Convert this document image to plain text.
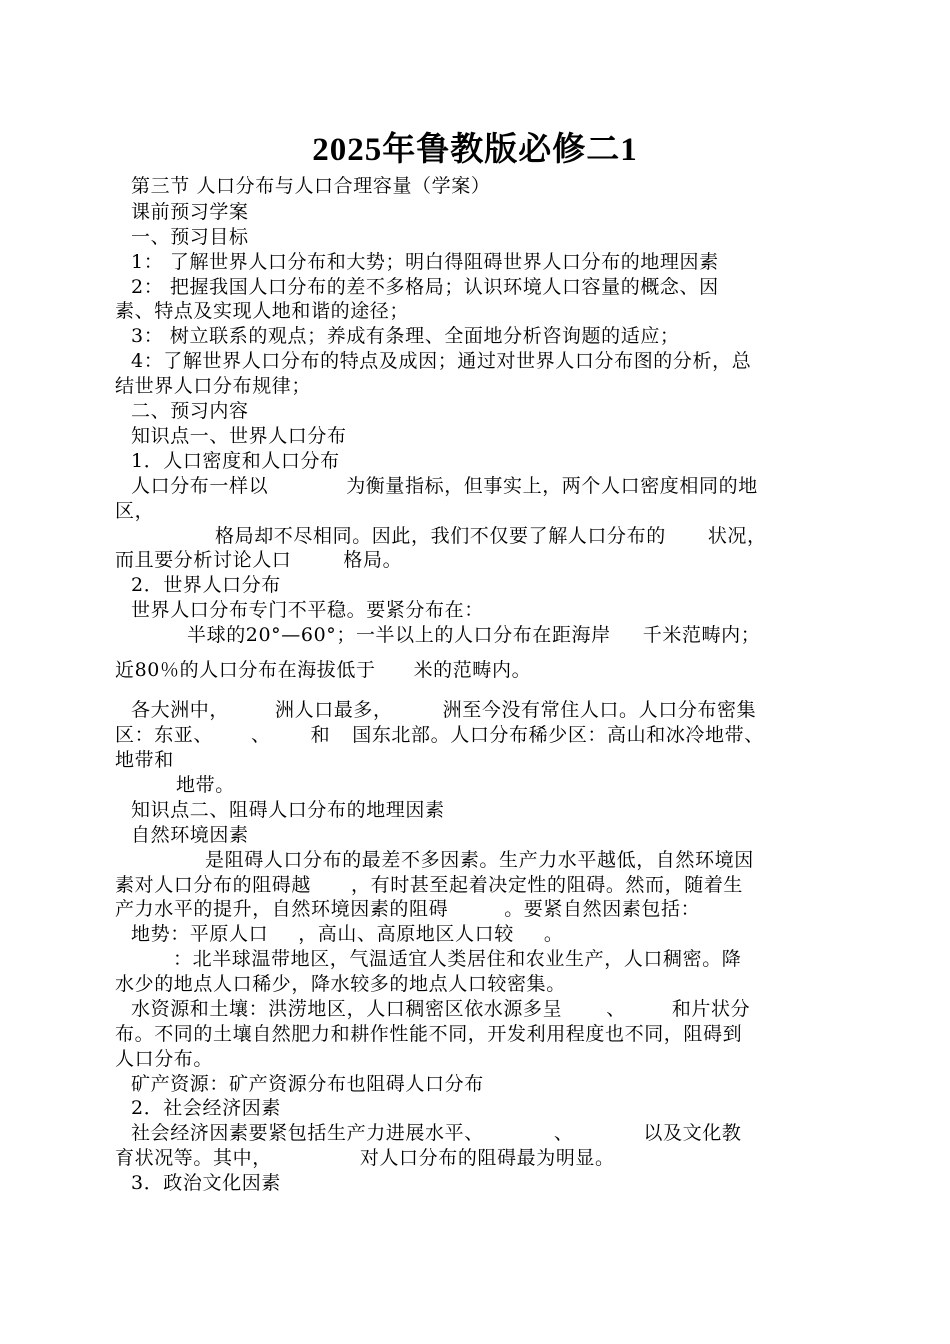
2025年鲁教版必修二1
第三节 人口分布与人口合理容量（学案）
课前预习学案
一、预习目标
1： 了解世界人口分布和大势；明白得阻碍世界人口分布的地理因素
2： 把握我国人口分布的差不多格局；认识环境人口容量的概念、因
素、特点及实现人地和谐的途径；
3： 树立联系的观点；养成有条理、全面地分析咨询题的适应；
4：了解世界人口分布的特点及成因；通过对世界人口分布图的分析，总
结世界人口分布规律；
二、预习内容
知识点一、世界人口分布
1．人口密度和人口分布
人口分布一样以	为衡量指标，但事实上，两个人口密度相同的地
区，
格局却不尽相同。因此，我们不仅要了解人口分布的 状况，
而且要分析讨论人口	格局。
2．世界人口分布
世界人口分布专门不平稳。要紧分布在：
半球的20°—60°；一半以上的人口分布在距海岸 千米范畴内；
近80％的人口分布在海拔低于 米的范畴内。
各大洲中， 洲人口最多，	洲至今没有常住人口。人口分布密集
区：东亚、 、 和 国东北部。人口分布稀少区：高山和冰冷地带、
地带和
地带。
知识点二、阻碍人口分布的地理因素
自然环境因素
是阻碍人口分布的最差不多因素。生产力水平越低，自然环境因
素对人口分布的阻碍越 ，有时甚至起着决定性的阻碍。然而，随着生
产力水平的提升，自然环境因素的阻碍	。要紧自然因素包括：
地势：平原人口 ，高山、高原地区人口较 。
：北半球温带地区，气温适宜人类居住和农业生产，人口稠密。降
水少的地点人口稀少，降水较多的地点人口较密集。
水资源和土壤：洪涝地区，人口稠密区依水源多呈 、 和片状分
布。不同的土壤自然肥力和耕作性能不同，开发利用程度也不同，阻碍到
人口分布。
矿产资源：矿产资源分布也阻碍人口分布
2．社会经济因素
社会经济因素要紧包括生产力进展水平、	、	以及文化教
育状况等。其中，	对人口分布的阻碍最为明显。
3．政治文化因素
